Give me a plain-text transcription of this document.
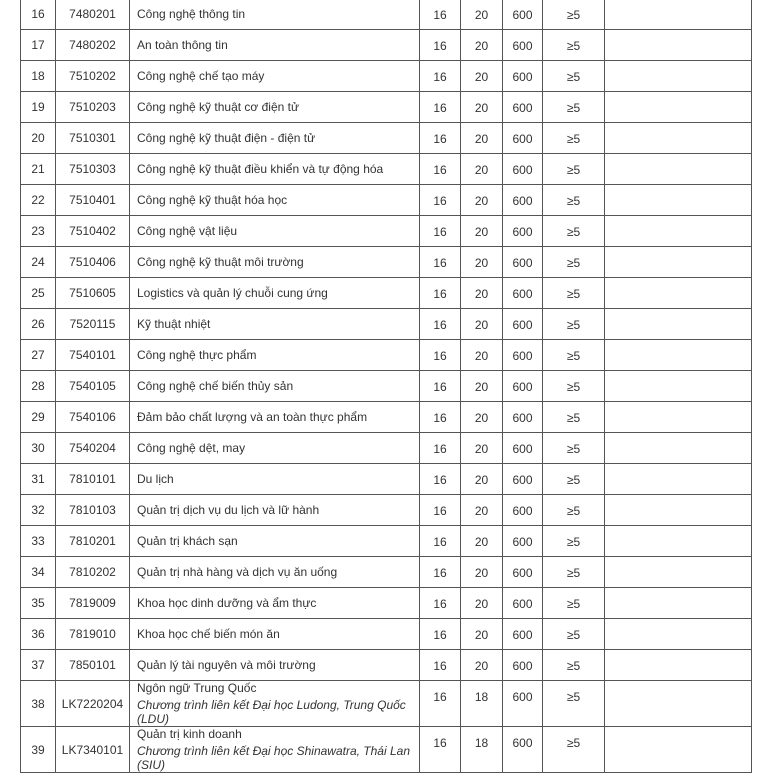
16	7480201	Công nghệ thông tin	16	20	600	≥5	
17	7480202	An toàn thông tin	16	20	600	≥5	
18	7510202	Công nghệ chế tạo máy	16	20	600	≥5	
19	7510203	Công nghệ kỹ thuật cơ điện tử	16	20	600	≥5	
20	7510301	Công nghệ kỹ thuật điện - điện tử	16	20	600	≥5	
21	7510303	Công nghệ kỹ thuật điều khiển và tự động hóa	16	20	600	≥5	
22	7510401	Công nghệ kỹ thuật hóa học	16	20	600	≥5	
23	7510402	Công nghệ vật liệu	16	20	600	≥5	
24	7510406	Công nghệ kỹ thuật môi trường	16	20	600	≥5	
25	7510605	Logistics và quản lý chuỗi cung ứng	16	20	600	≥5	
26	7520115	Kỹ thuật nhiệt	16	20	600	≥5	
27	7540101	Công nghệ thực phẩm	16	20	600	≥5	
28	7540105	Công nghệ chế biến thủy sản	16	20	600	≥5	
29	7540106	Đảm bảo chất lượng và an toàn thực phẩm	16	20	600	≥5	
30	7540204	Công nghệ dệt, may	16	20	600	≥5	
31	7810101	Du lịch	16	20	600	≥5	
32	7810103	Quản trị dịch vụ du lịch và lữ hành	16	20	600	≥5	
33	7810201	Quản trị khách sạn	16	20	600	≥5	
34	7810202	Quản trị nhà hàng và dịch vụ ăn uống	16	20	600	≥5	
35	7819009	Khoa học dinh dưỡng và ẩm thực	16	20	600	≥5	
36	7819010	Khoa học chế biến món ăn	16	20	600	≥5	
37	7850101	Quản lý tài nguyên và môi trường	16	20	600	≥5	
38	LK7220204	Ngôn ngữ Trung Quốc
Chương trình liên kết Đại học Ludong, Trung Quốc (LDU)	16	18	600	≥5	
39	LK7340101	Quản trị kinh doanh
Chương trình liên kết Đại học Shinawatra, Thái Lan (SIU)	16	18	600	≥5	
